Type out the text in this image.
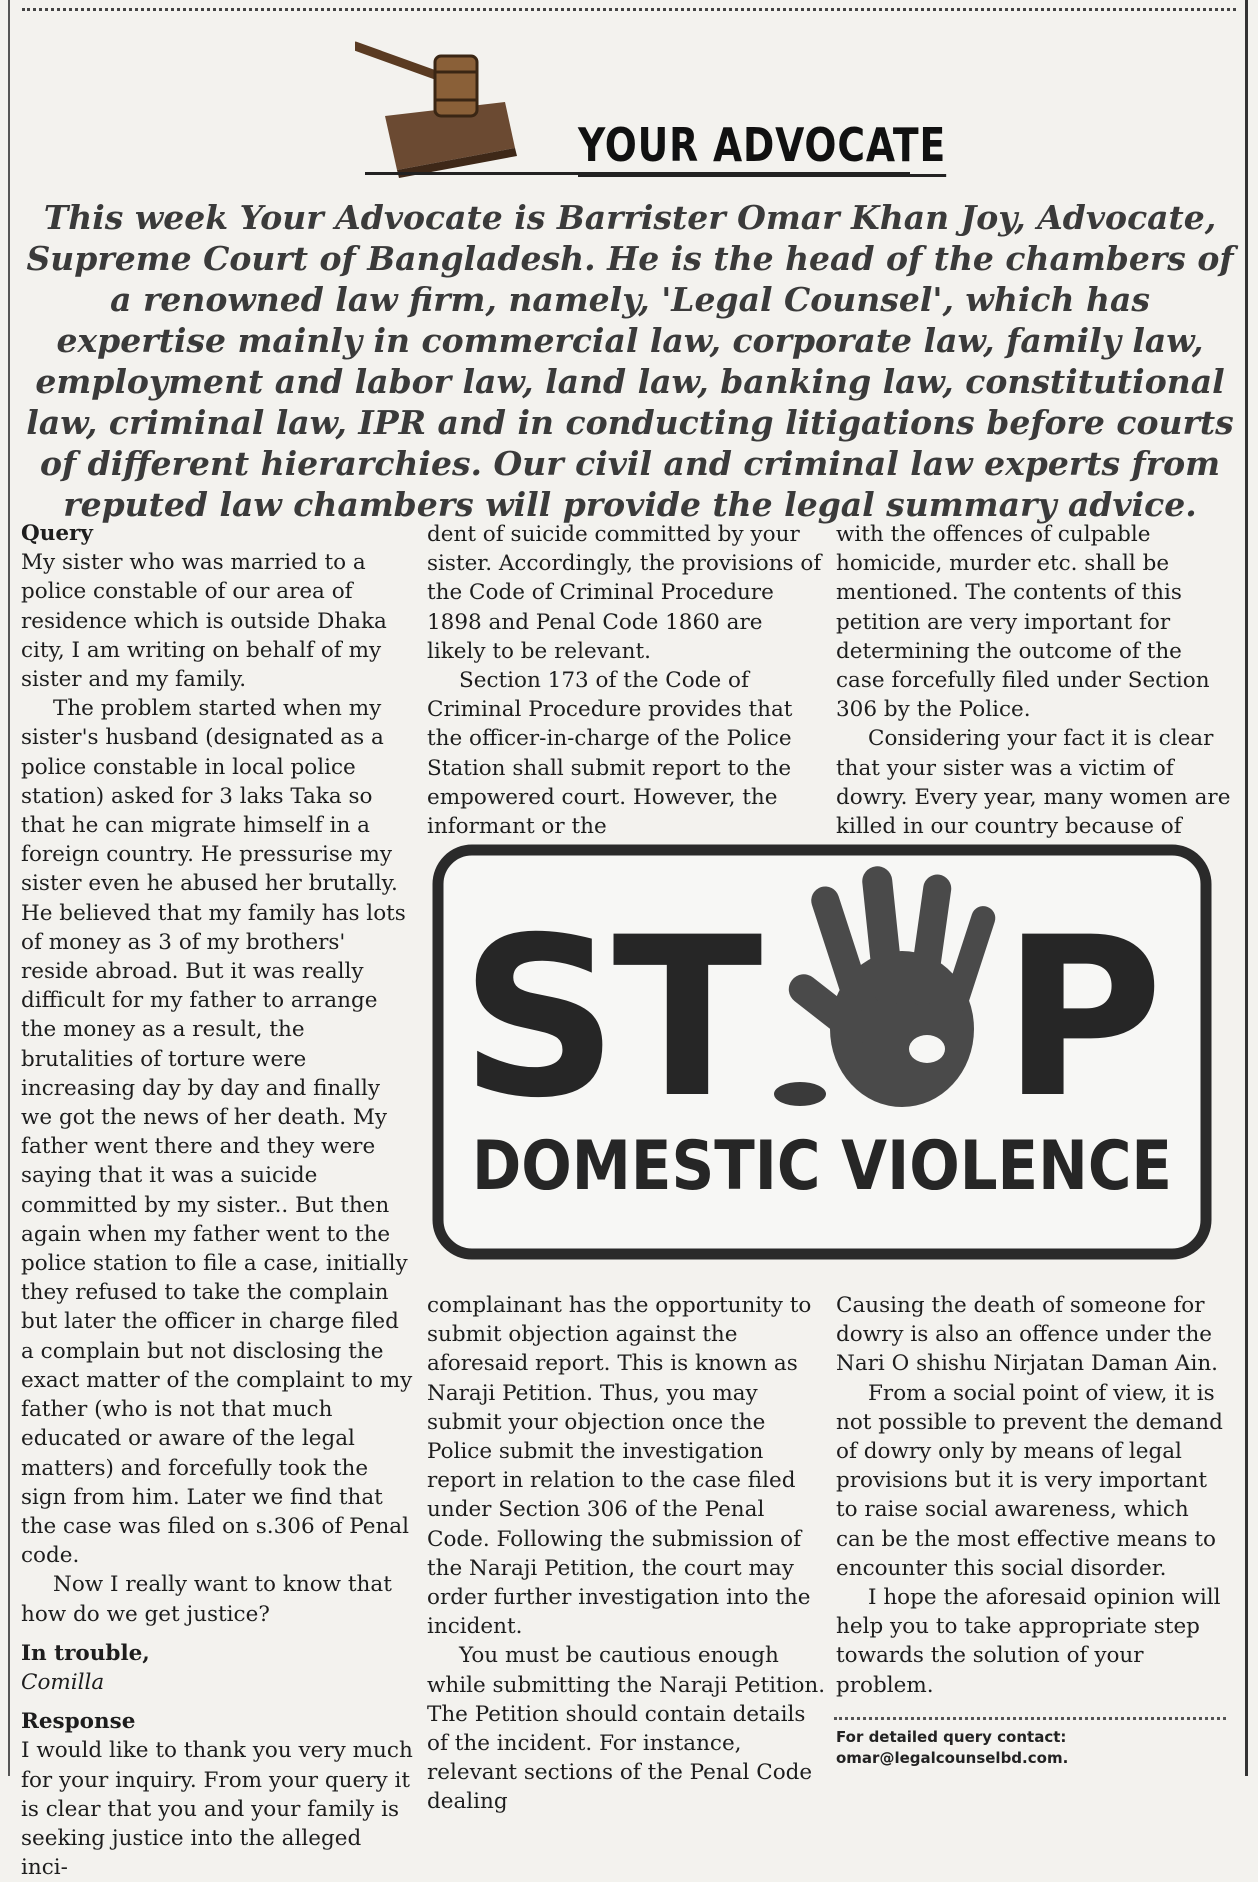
YOUR ADVOCATE
This week Your Advocate is Barrister Omar Khan Joy, Advocate, Supreme Court of Bangladesh. He is the head of the chambers of a renowned law firm, namely, 'Legal Counsel', which has expertise mainly in commercial law, corporate law, family law, employment and labor law, land law, banking law, constitutional law, criminal law, IPR and in conducting litigations before courts of different hierarchies. Our civil and criminal law experts from reputed law chambers will provide the legal summary advice.

Query

My sister who was married to a police constable of our area of residence which is outside Dhaka city, I am writing on behalf of my sister and my family.

The problem started when my sister's husband (designated as a police constable in local police station) asked for 3 laks Taka so that he can migrate himself in a foreign country. He pressurise my sister even he abused her brutally. He believed that my family has lots of money as 3 of my brothers' reside abroad. But it was really difficult for my father to arrange the money as a result, the brutalities of torture were increasing day by day and finally we got the news of her death. My father went there and they were saying that it was a suicide committed by my sister.. But then again when my father went to the police station to file a case, initially they refused to take the complain but later the officer in charge filed a complain but not disclosing the exact matter of the complaint to my father (who is not that much educated or aware of the legal matters) and forcefully took the sign from him. Later we find that the case was filed on s.306 of Penal code.

Now I really want to know that how do we get justice?

In trouble,

Comilla

Response

I would like to thank you very much for your inquiry. From your query it is clear that you and your family is seeking justice into the alleged inci-

dent of suicide committed by your sister. Accordingly, the provisions of the Code of Criminal Procedure 1898 and Penal Code 1860 are likely to be relevant.

Section 173 of the Code of Criminal Procedure provides that the officer-in-charge of the Police Station shall submit report to the empowered court. However, the informant or the

with the offences of culpable homicide, murder etc. shall be mentioned. The contents of this petition are very important for determining the outcome of the case forcefully filed under Section 306 by the Police.

Considering your fact it is clear that your sister was a victim of dowry. Every year, many women are killed in our country because of

ST P
DOMESTIC VIOLENCE

complainant has the opportunity to submit objection against the aforesaid report. This is known as Naraji Petition. Thus, you may submit your objection once the Police submit the investigation report in relation to the case filed under Section 306 of the Penal Code. Following the submission of the Naraji Petition, the court may order further investigation into the incident.

You must be cautious enough while submitting the Naraji Petition. The Petition should contain details of the incident. For instance, relevant sections of the Penal Code dealing

Causing the death of someone for dowry is also an offence under the Nari O shishu Nirjatan Daman Ain.

From a social point of view, it is not possible to prevent the demand of dowry only by means of legal provisions but it is very important to raise social awareness, which can be the most effective means to encounter this social disorder.

I hope the aforesaid opinion will help you to take appropriate step towards the solution of your problem.

For detailed query contact:
omar@legalcounselbd.com.
